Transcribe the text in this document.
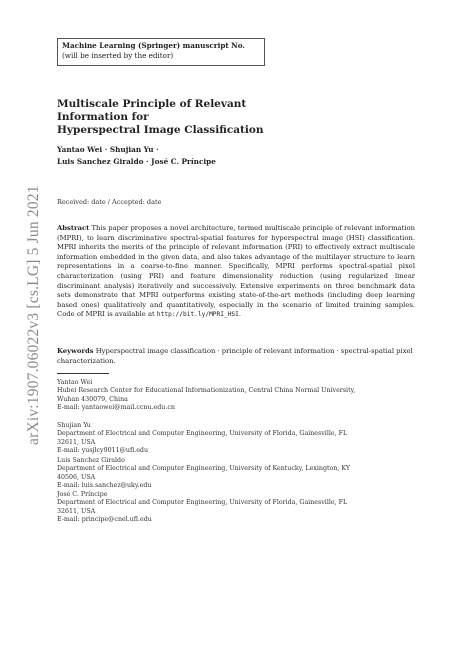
arXiv:1907.06022v3 [cs.LG] 5 Jun 2021
Machine Learning (Springer) manuscript No.
(will be inserted by the editor)
Multiscale Principle of Relevant Information for
Hyperspectral Image Classification
Yantao Wei · Shujian Yu ·
Luis Sanchez Giraldo · José C. Príncipe
Received: date / Accepted: date
Abstract This paper proposes a novel architecture, termed multiscale principle of relevant information (MPRI), to learn discriminative spectral-spatial features for hyperspectral image (HSI) classification. MPRI inherits the merits of the principle of relevant information (PRI) to effectively extract multiscale information embedded in the given data, and also takes advantage of the multilayer structure to learn representations in a coarse-to-fine manner. Specifically, MPRI performs spectral-spatial pixel characterization (using PRI) and feature dimensionality reduction (using regularized linear discriminant analysis) iteratively and successively. Extensive experiments on three benchmark data sets demonstrate that MPRI outperforms existing state-of-the-art methods (including deep learning based ones) qualitatively and quantitatively, especially in the scenario of limited training samples. Code of MPRI is available at http://bit.ly/MPRI_HSI.
Keywords Hyperspectral image classification · principle of relevant information · spectral-spatial pixel characterization.
Yantao Wei
Hubei Research Center for Educational Informationization, Central China Normal University,
Wuhan 430079, China
E-mail: yantaowei@mail.ccnu.edu.cn
Shujian Yu
Department of Electrical and Computer Engineering, University of Florida, Gainesville, FL
32611, USA
E-mail: yusjlcy9011@ufl.edu
Luis Sanchez Giraldo
Department of Electrical and Computer Engineering, University of Kentucky, Lexington, KY
40506, USA
E-mail: luis.sanchez@uky.edu
José C. Príncipe
Department of Electrical and Computer Engineering, University of Florida, Gainesville, FL
32611, USA
E-mail: principe@cnel.ufl.edu
